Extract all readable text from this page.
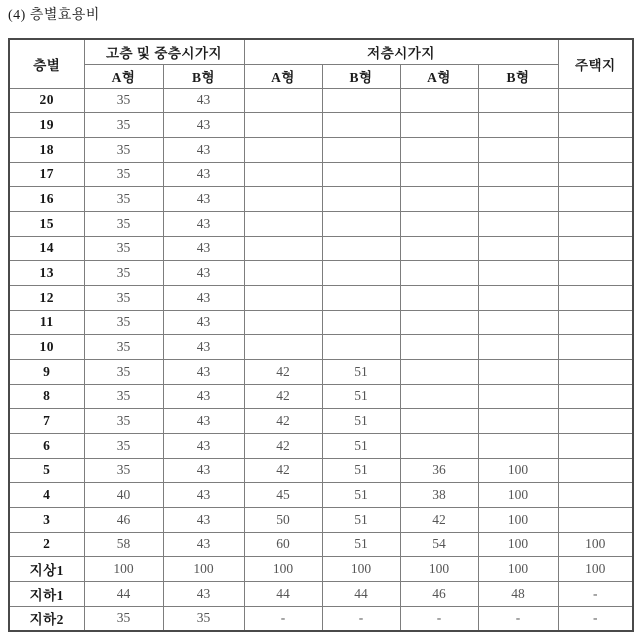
(4) 층별효용비
층별	고층 및 중층시가지		저층시가지				주택지
	A형	B형	A형	B형	A형	B형	
20	35	43					
19	35	43					
18	35	43					
17	35	43					
16	35	43					
15	35	43					
14	35	43					
13	35	43					
12	35	43					
11	35	43					
10	35	43					
9	35	43	42	51			
8	35	43	42	51			
7	35	43	42	51			
6	35	43	42	51			
5	35	43	42	51	36	100	
4	40	43	45	51	38	100	
3	46	43	50	51	42	100	
2	58	43	60	51	54	100	100
지상1	100	100	100	100	100	100	100
지하1	44	43	44	44	46	48	-
지하2	35	35	-	-	-	-	-
